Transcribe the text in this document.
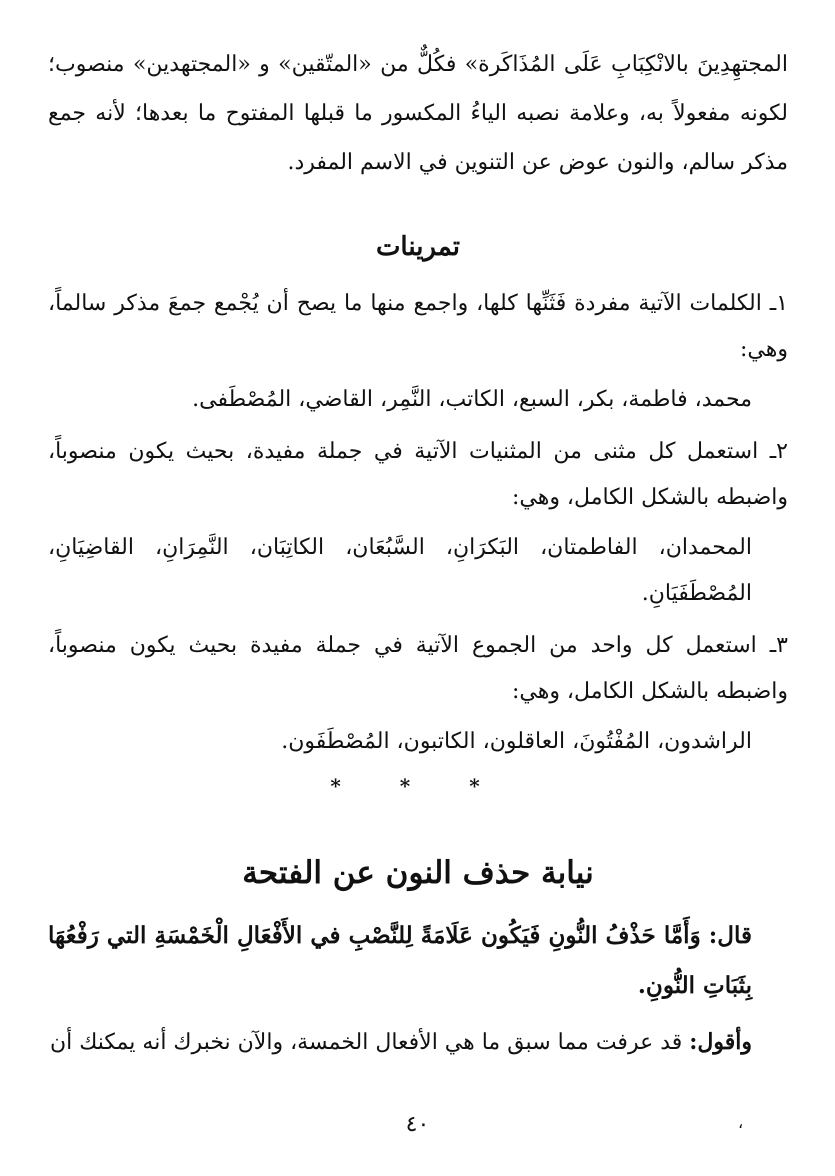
المجتهِدِينَ بالانْكِبَابِ عَلَى المُذَاكَرة» فكُلٌّ من «المتّقين» و «المجتهدين» منصوب؛ لكونه مفعولاً به، وعلامة نصبه الياءُ المكسور ما قبلها المفتوح ما بعدها؛ لأنه جمع مذكر سالم، والنون عوض عن التنوين في الاسم المفرد.

تمرينات

١ـ الكلمات الآتية مفردة فَثَنِّها كلها، واجمع منها ما يصح أن يُجْمع جمعَ مذكر سالماً، وهي:

محمد، فاطمة، بكر، السبع، الكاتب، النَّمِر، القاضي، المُصْطَفى.

٢ـ استعمل كل مثنى من المثنيات الآتية في جملة مفيدة، بحيث يكون منصوباً، واضبطه بالشكل الكامل، وهي:

المحمدان، الفاطمتان، البَكرَانِ، السَّبُعَان، الكاتِبَان، النَّمِرَانِ، القاضِيَانِ، المُصْطَفَيَانِ.

٣ـ استعمل كل واحد من الجموع الآتية في جملة مفيدة بحيث يكون منصوباً، واضبطه بالشكل الكامل، وهي:

الراشدون، المُفْتُونَ، العاقلون، الكاتبون، المُصْطَفَون.

* * *
نيابة حذف النون عن الفتحة

قال: وَأَمَّا حَذْفُ النُّونِ فَيَكُون عَلَامَةً لِلنَّصْبِ في الأَفْعَالِ الْخَمْسَةِ التي رَفْعُهَا بِثَبَاتِ النُّونِ.

وأقول: قد عرفت مما سبق ما هي الأفعال الخمسة، والآن نخبرك أنه يمكنك أن

٤٠	،
